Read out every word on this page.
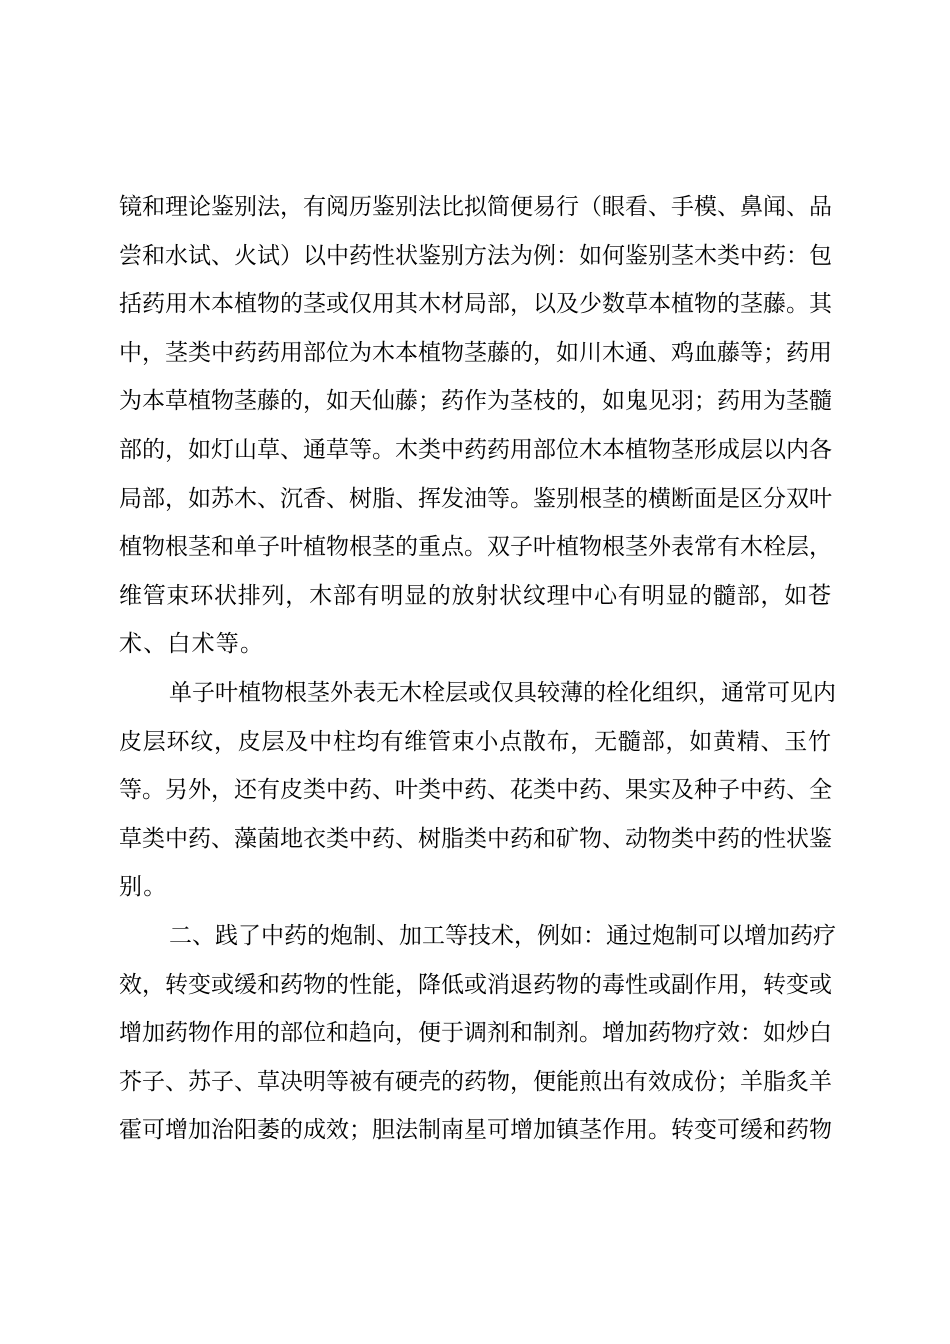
镜和理论鉴别法，有阅历鉴别法比拟简便易行（眼看、手模、鼻闻、品
尝和水试、火试）以中药性状鉴别方法为例：如何鉴别茎木类中药：包
括药用木本植物的茎或仅用其木材局部，以及少数草本植物的茎藤。其
中，茎类中药药用部位为木本植物茎藤的，如川木通、鸡血藤等；药用
为本草植物茎藤的，如天仙藤；药作为茎枝的，如鬼见羽；药用为茎髓
部的，如灯山草、通草等。木类中药药用部位木本植物茎形成层以内各
局部，如苏木、沉香、树脂、挥发油等。鉴别根茎的横断面是区分双叶
植物根茎和单子叶植物根茎的重点。双子叶植物根茎外表常有木栓层，
维管束环状排列，木部有明显的放射状纹理中心有明显的髓部，如苍
术、白术等。
单子叶植物根茎外表无木栓层或仅具较薄的栓化组织，通常可见内
皮层环纹，皮层及中柱均有维管束小点散布，无髓部，如黄精、玉竹
等。另外，还有皮类中药、叶类中药、花类中药、果实及种子中药、全
草类中药、藻菌地衣类中药、树脂类中药和矿物、动物类中药的性状鉴
别。
二、践了中药的炮制、加工等技术，例如：通过炮制可以增加药疗
效，转变或缓和药物的性能，降低或消退药物的毒性或副作用，转变或
增加药物作用的部位和趋向，便于调剂和制剂。增加药物疗效：如炒白
芥子、苏子、草决明等被有硬壳的药物，便能煎出有效成份；羊脂炙羊
霍可增加治阳萎的成效；胆法制南星可增加镇茎作用。转变可缓和药物
